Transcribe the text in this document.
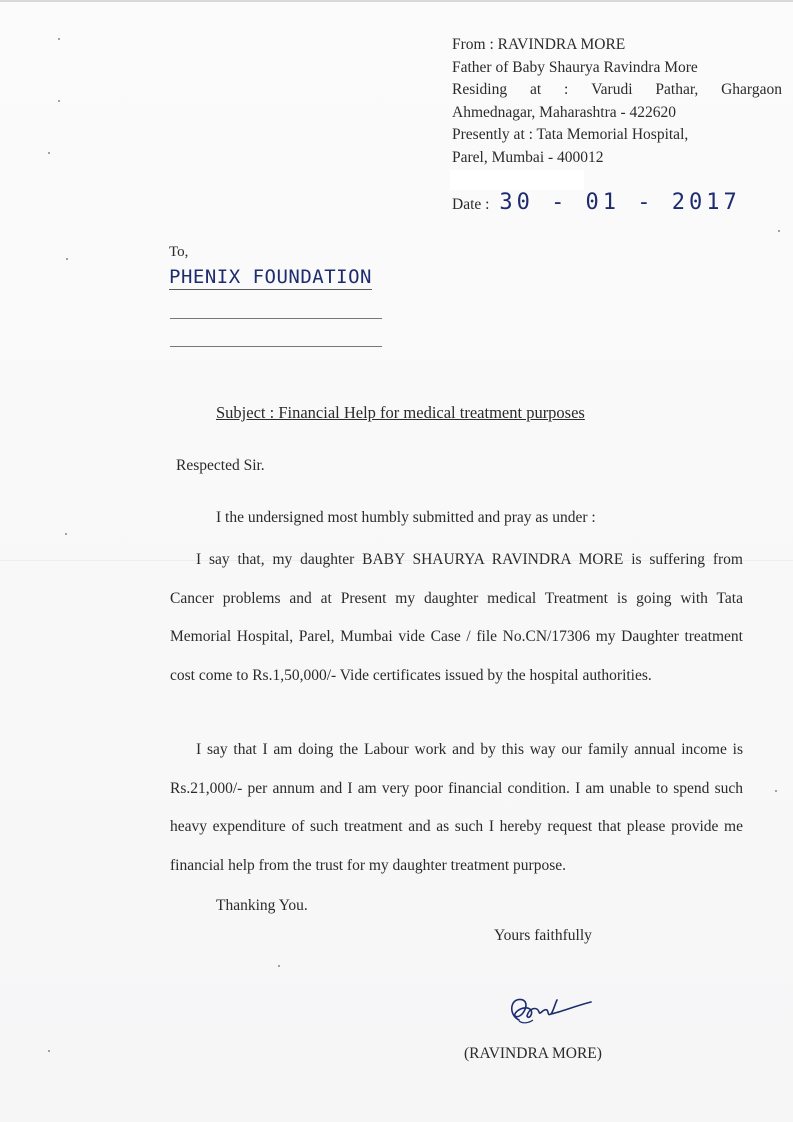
From : RAVINDRA MORE
Father of Baby Shaurya Ravindra More
Residing at : Varudi Pathar, Ghargaon
Ahmednagar, Maharashtra - 422620
Presently at : Tata Memorial Hospital,
Parel, Mumbai - 400012
Date : 30 - 01 - 2017
To,
PHENIX FOUNDATION
Subject : Financial Help for medical treatment purposes
Respected Sir.
I the undersigned most humbly submitted and pray as under :

I say that, my daughter BABY SHAURYA RAVINDRA MORE is suffering from Cancer problems and at Present my daughter medical Treatment is going with Tata Memorial Hospital, Parel, Mumbai vide Case / file No.CN/17306 my Daughter treatment cost come to Rs.1,50,000/- Vide certificates issued by the hospital authorities.

I say that I am doing the Labour work and by this way our family annual income is Rs.21,000/- per annum and I am very poor financial condition. I am unable to spend such heavy expenditure of such treatment and as such I hereby request that please provide me financial help from the trust for my daughter treatment purpose.

Thanking You.
Yours faithfully
(RAVINDRA MORE)
